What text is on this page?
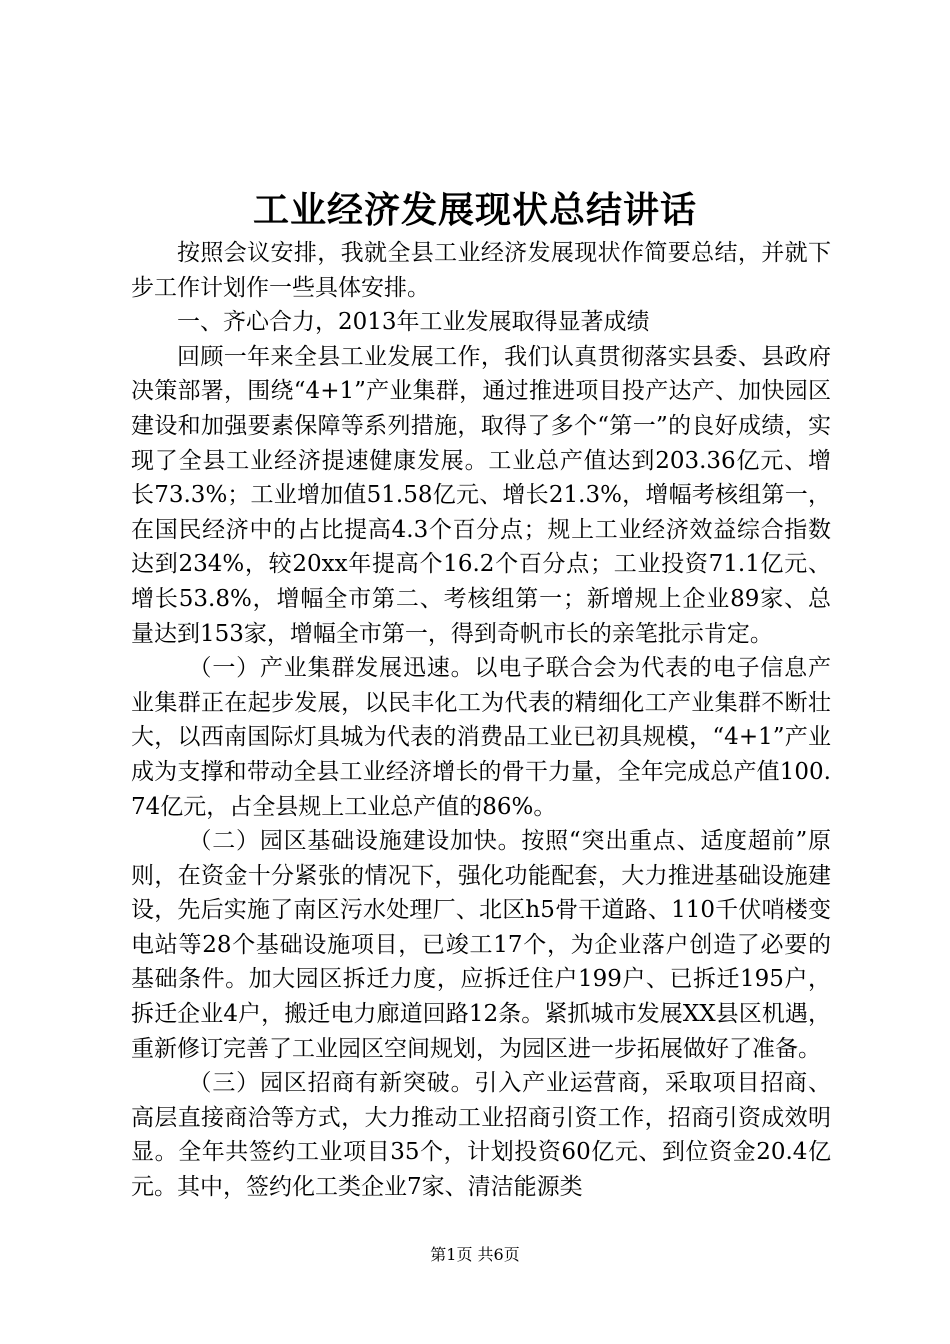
工业经济发展现状总结讲话

按照会议安排，我就全县工业经济发展现状作简要总结，并就下步工作计划作一些具体安排。

一、齐心合力，2013年工业发展取得显著成绩

回顾一年来全县工业发展工作，我们认真贯彻落实县委、县政府决策部署，围绕“4+1”产业集群，通过推进项目投产达产、加快园区建设和加强要素保障等系列措施，取得了多个“第一”的良好成绩，实现了全县工业经济提速健康发展。工业总产值达到203.36亿元、增长73.3%；工业增加值51.58亿元、增长21.3%，增幅考核组第一，在国民经济中的占比提高4.3个百分点；规上工业经济效益综合指数达到234%，较20xx年提高个16.2个百分点；工业投资71.1亿元、增长53.8%，增幅全市第二、考核组第一；新增规上企业89家、总量达到153家，增幅全市第一，得到奇帆市长的亲笔批示肯定。

（一）产业集群发展迅速。以电子联合会为代表的电子信息产业集群正在起步发展，以民丰化工为代表的精细化工产业集群不断壮大，以西南国际灯具城为代表的消费品工业已初具规模，“4+1”产业成为支撑和带动全县工业经济增长的骨干力量，全年完成总产值100.74亿元，占全县规上工业总产值的86%。

（二）园区基础设施建设加快。按照“突出重点、适度超前”原则，在资金十分紧张的情况下，强化功能配套，大力推进基础设施建设，先后实施了南区污水处理厂、北区h5骨干道路、110千伏哨楼变电站等28个基础设施项目，已竣工17个，为企业落户创造了必要的基础条件。加大园区拆迁力度，应拆迁住户199户、已拆迁195户，拆迁企业4户，搬迁电力廊道回路12条。紧抓城市发展XX县区机遇，重新修订完善了工业园区空间规划，为园区进一步拓展做好了准备。

（三）园区招商有新突破。引入产业运营商，采取项目招商、高层直接商洽等方式，大力推动工业招商引资工作，招商引资成效明显。全年共签约工业项目35个，计划投资60亿元、到位资金20.4亿元。其中，签约化工类企业7家、清洁能源类

第1页 共6页
